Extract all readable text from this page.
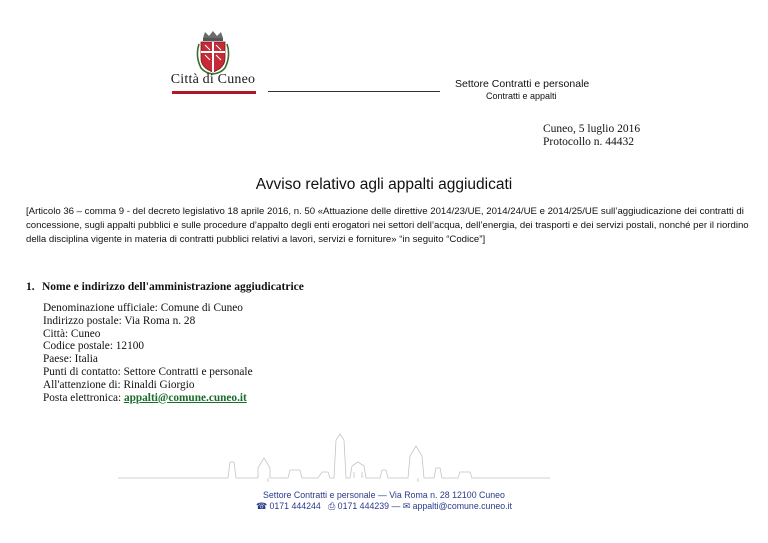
Città di Cuneo	Settore Contratti e personale
Contratti e appalti
Cuneo, 5 luglio 2016
Protocollo n. 44432
Avviso relativo agli appalti aggiudicati
[Articolo 36 – comma 9 - del decreto legislativo 18 aprile 2016, n. 50 «Attuazione delle direttive 2014/23/UE, 2014/24/UE e 2014/25/UE sull’aggiudicazione dei contratti di concessione, sugli appalti pubblici e sulle procedure d’appalto degli enti erogatori nei settori dell’acqua, dell’energia, dei trasporti e dei servizi postali, nonché per il riordino della disciplina vigente in materia di contratti pubblici relativi a lavori, servizi e forniture» “in seguito “Codice”]
1. Nome e indirizzo dell'amministrazione aggiudicatrice
Denominazione ufficiale: Comune di Cuneo
Indirizzo postale: Via Roma n. 28
Città: Cuneo
Codice postale: 12100
Paese: Italia
Punti di contatto: Settore Contratti e personale
All'attenzione di: Rinaldi Giorgio
Posta elettronica: appalti@comune.cuneo.it
Settore Contratti e personale — Via Roma n. 28 12100 Cuneo
☎ 0171 444244 ⎙ 0171 444239 — ✉ appalti@comune.cuneo.it
